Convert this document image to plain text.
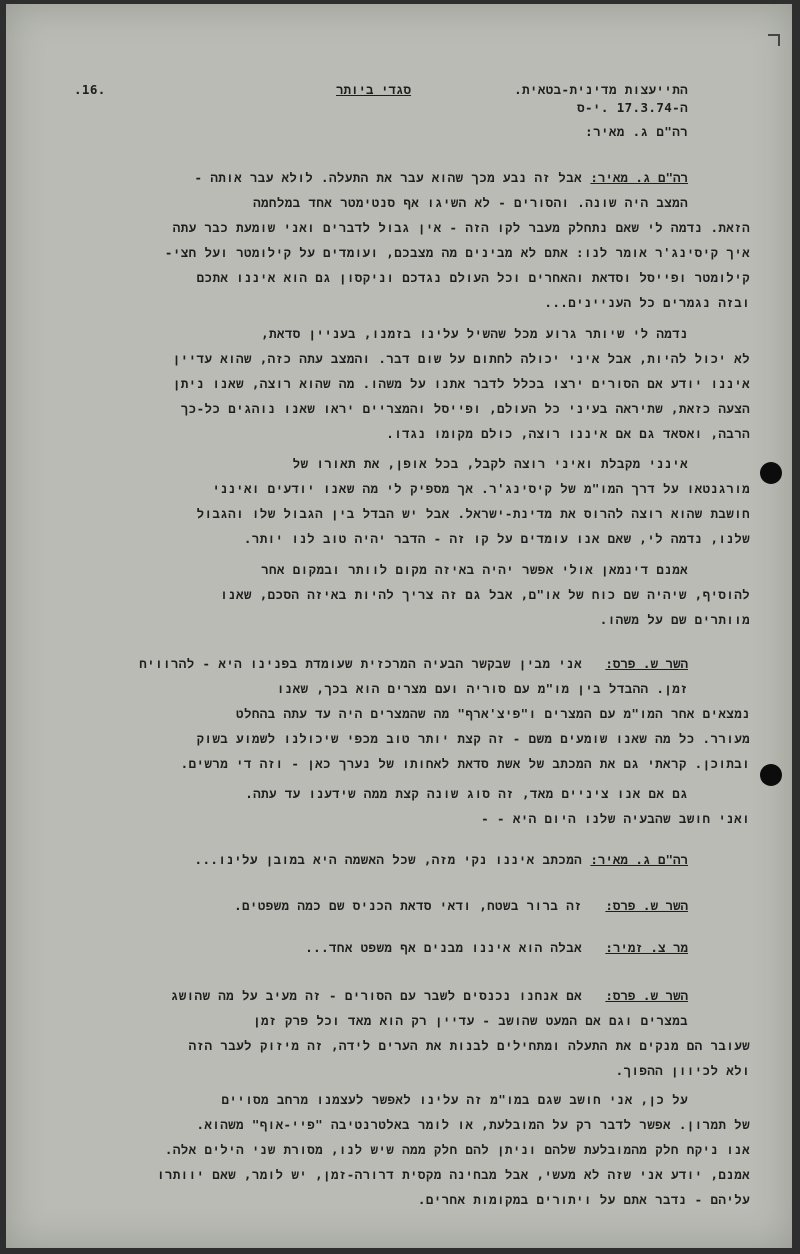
.16.	סגדי ביותר	התייעצות מדינית-בטאית.
ה-17.3.74 .י-ס
רה"ם ג. מאיר:
רה"ם ג. מאיר:
אבל זה נבע מכך שהוא עבר את התעלה. לולא עבר אותה -
המצב היה שונה. והסורים - לא השיגו אף סנטימטר אחד במלחמה
הזאת. נדמה לי שאם נתחלק מעבר לקו הזה - אין גבול לדברים ואני שומעת כבר עתה
איך קיסינג'ר אומר לנו: אתם לא מבינים מה מצבכם, ועומדים על קילומטר ועל חצי-
קילומטר ופייסל וסדאת והאחרים וכל העולם נגדכם וניקסון גם הוא איננו אתכם
ובזה נגמרים כל העניינים...
נדמה לי שיותר גרוע מכל שהשיל עלינו בזמנו, בעניין סדאת,
לא יכול להיות, אבל איני יכולה לחתום על שום דבר. והמצב עתה כזה, שהוא עדיין
איננו יודע אם הסורים ירצו בכלל לדבר אתנו על משהו. מה שהוא רוצה, שאנו ניתן
הצעה כזאת, שתיראה בעיני כל העולם, ופייסל והמצריים יראו שאנו נוהגים כל-כך
הרבה, ואסאד גם אם איננו רוצה, כולם מקומו נגדו.
אינני מקבלת ואיני רוצה לקבל, בכל אופן, את תאורו של
מורגנטאו על דרך המו"מ של קיסינג'ר. אך מספיק לי מה שאנו יודעים ואינני
חושבת שהוא רוצה להרוס את מדינת-ישראל. אבל יש הבדל בין הגבול שלו והגבול
שלנו, נדמה לי, שאם אנו עומדים על קו זה - הדבר יהיה טוב לנו יותר.
אמנם דינמאן אולי אפשר יהיה באיזה מקום לוותר ובמקום אחר
להוסיף, שיהיה שם כוח של או"ם, אבל גם זה צריך להיות באיזה הסכם, שאנו
מוותרים שם על משהו.
השר ש. פרס:
אני מבין שבקשר הבעיה המרכזית שעומדת בפנינו היא - להרוויח
זמן. ההבדל בין מו"מ עם סוריה ועם מצרים הוא בכך, שאנו
נמצאים אחר המו"מ עם המצרים ו"פיצ'ארף" מה שהמצרים היה עד עתה בהחלט
מעורר. כל מה שאנו שומעים משם - זה קצת יותר טוב מכפי שיכולנו לשמוע בשוק
ובתוכן. קראתי גם את המכתב של אשת סדאת לאחותו של נערך כאן - וזה די מרשים.
גם אם אנו ציניים מאד, זה סוג שונה קצת ממה שידענו עד עתה.
ואני חושב שהבעיה שלנו היום היא - -
רה"ם ג. מאיר:
המכתב איננו נקי מזה, שכל האשמה היא במובן עלינו...
השר ש. פרס:
זה ברור בשטח, ודאי סדאת הכניס שם כמה משפטים.
מר צ. זמיר:
אבלה הוא איננו מבנים אף משפט אחד...
השר ש. פרס:
אם אנחנו נכנסים לשבר עם הסורים - זה מעיב על מה שהושג
במצרים וגם אם המעט שהושב - עדיין רק הוא מאד וכל פרק זמן
שעובר הם מנקים את התעלה ומתחילים לבנות את הערים לידה, זה מיזוק לעבר הזה
ולא לכיוון ההפוך.
על כן, אני חושב שגם במו"מ זה עלינו לאפשר לעצמנו מרחב מסויים
של תמרון. אפשר לדבר רק על המובלעת, או לומר באלטרנטיבה "פיי-אוף" משהוא.
אנו ניקח חלק מהמובלעת שלהם וניתן להם חלק ממה שיש לנו, מסורת שני הילים אלה.
אמנם, יודע אני שזה לא מעשי, אבל מבחינה מקסית דרורה-זמן, יש לומר, שאם יוותרו
עליהם - נדבר אתם על ויתורים במקומות אחרים.
